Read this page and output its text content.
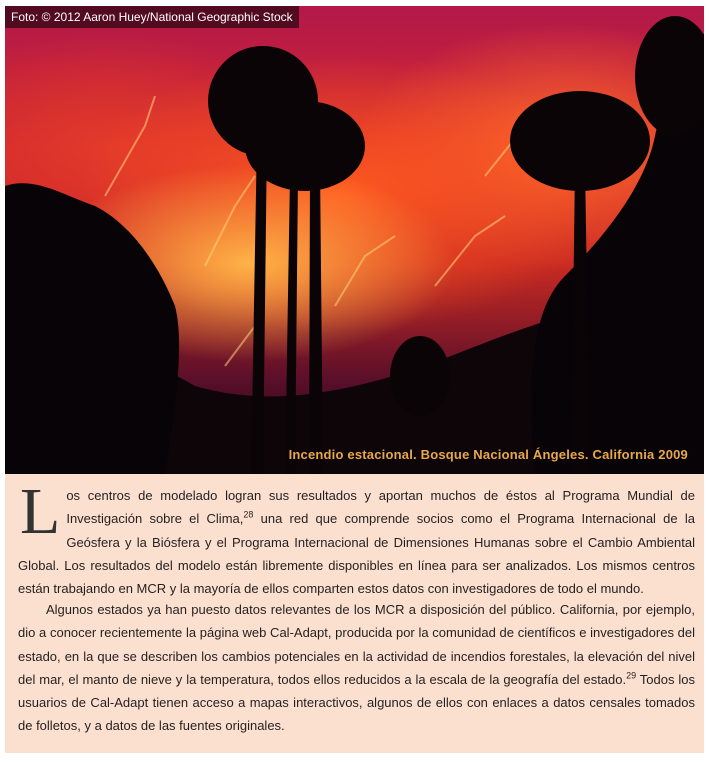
Foto: © 2012 Aaron Huey/National Geographic Stock
Incendio estacional. Bosque Nacional Ángeles. California 2009

Los centros de modelado logran sus resultados y aportan muchos de éstos al Programa Mundial de Investigación sobre el Clima,$^{28}$ una red que comprende socios como el Programa Internacional de la Geósfera y la Biósfera y el Programa Internacional de Dimensiones Humanas sobre el Cambio Ambiental Global. Los resultados del modelo están libremente disponibles en línea para ser analizados. Los mismos centros están trabajando en MCR y la mayoría de ellos comparten estos datos con investigadores de todo el mundo.

Algunos estados ya han puesto datos relevantes de los MCR a disposición del público. California, por ejemplo, dio a conocer recientemente la página web Cal-Adapt, producida por la comunidad de científicos e investigadores del estado, en la que se describen los cambios potenciales en la actividad de incendios forestales, la elevación del nivel del mar, el manto de nieve y la temperatura, todos ellos reducidos a la escala de la geografía del estado.$^{29}$ Todos los usuarios de Cal-Adapt tienen acceso a mapas interactivos, algunos de ellos con enlaces a datos censales tomados de folletos, y a datos de las fuentes originales.
